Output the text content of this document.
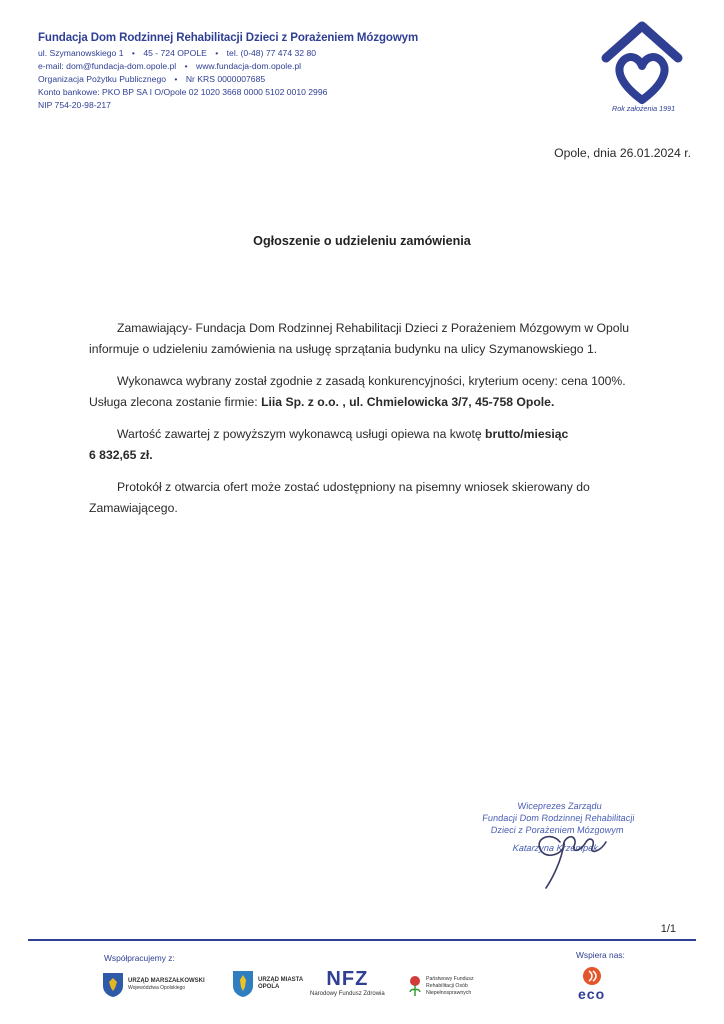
Fundacja Dom Rodzinnej Rehabilitacji Dzieci z Porażeniem Mózgowym
ul. Szymanowskiego 1 • 45 - 724 OPOLE • tel. (0-48) 77 474 32 80
e-mail: dom@fundacja-dom.opole.pl • www.fundacja-dom.opole.pl
Organizacja Pożytku Publicznego • Nr KRS 0000007685
Konto bankowe: PKO BP SA I O/Opole 02 1020 3668 0000 5102 0010 2996
NIP 754-20-98-217	Rok założenia 1991
Opole, dnia 26.01.2024 r.
Ogłoszenie o udzieleniu zamówienia

Zamawiający- Fundacja Dom Rodzinnej Rehabilitacji Dzieci z Porażeniem Mózgowym w Opolu informuje o udzieleniu zamówienia na usługę sprzątania budynku na ulicy Szymanowskiego 1.

Wykonawca wybrany został zgodnie z zasadą konkurencyjności, kryterium oceny: cena 100%. Usługa zlecona zostanie firmie: Liia Sp. z o.o. , ul. Chmielowicka 3/7, 45-758 Opole.

Wartość zawartej z powyższym wykonawcą usługi opiewa na kwotę brutto/miesiąc
6 832,65 zł.

Protokół z otwarcia ofert może zostać udostępniony na pisemny wniosek skierowany do Zamawiającego.

Wiceprezes Zarządu
Fundacji Dom Rodzinnej Rehabilitacji
Dzieci z Porażeniem Mózgowym
Katarzyna Krzempek
1/1
Współpracujemy z:	Wspiera nas:
URZĄD MARSZAŁKOWSKI
Województwa Opolskiego
URZĄD MIASTA
OPOLA	NFZ
Narodowy Fundusz Zdrowia
Państwowy Fundusz
Rehabilitacji Osób
Niepełnosprawnych	eco
